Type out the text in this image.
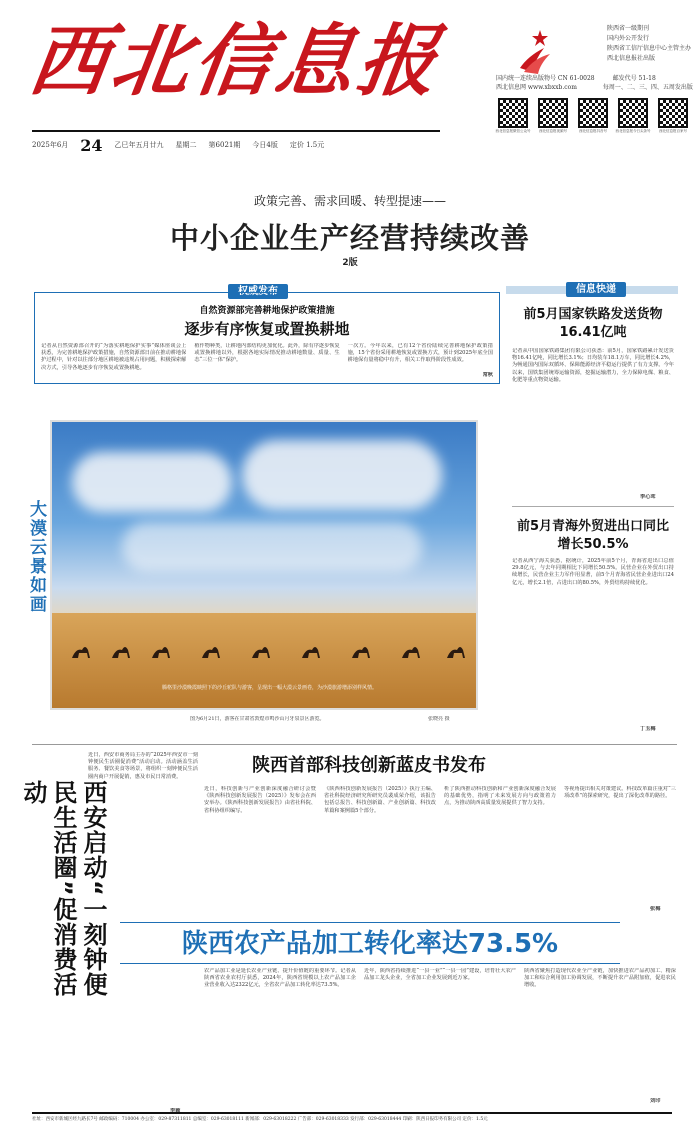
西北信息报
2025年6月 24 乙巳年五月廿九 星期二 第6021期 今日4版 定价 1.5元
陕西省一级期刊
国内外公开发行
陕西省工信厅信息中心主管主办
西北信息报社出版
国内统一连续出版物号 CN 61-0028	邮发代号 51-18
西北信息网 www.xbxxb.com	每周一、二、三、四、五周发出版
西北信息报微信公众号 西北信息报视频号	西北信息报抖音号 西北信息报今日头条号 西北信息报百家号
政策完善、需求回暖、转型提速——
中小企业生产经营持续改善
2版
权威发布
自然资源部完善耕地保护政策措施
逐步有序恢复或置换耕地
记者从自然资源部召开的“为落实耕地保护实事”媒体座谈会上获悉，为完善耕地保护政策措施，自然资源部日前在推动耕地保护过程中，针对以往部分地区耕地被违规占用问题，积极探索解决方式，引导各地逐步有序恢复或置换耕地。
植作物种类，让耕地内部结构更加优化。此外，除有序逐步恢复或置换耕地以外，根据各地实际情况推动耕地数量、质量、生态“三位一体”保护。
一次方。今年以来，已有12个省份陆续完善耕地保护政策措施，15个省份采用耕地恢复或置换方式，预计到2025年底全国耕地保有量将稳中有升，相关工作取得阶段性成效。
常秋
大漠云景如画
腾格里沙漠晚霞映照下的沙丘驼队与游客，呈现出一幅大漠云景画卷，为沙漠旅游增添别样风情。
图为6月21日，游客在甘肃省敦煌市鸣沙山月牙泉景区游览。	张晓亮 摄
信息快递
前5月国家铁路发送货物16.41亿吨
记者从中国国家铁路集团有限公司获悉：前5月，国家铁路累计发送货物16.41亿吨，同比增长3.1%；日均装车18.1万车，同比增长4.2%，为畅通国内国际双循环、保障能源经济平稳运行提供了有力支撑。今年以来，国铁集团统筹运输资源，挖掘运输潜力，全力保障电煤、粮食、化肥等重点物资运输。
李心茸
前5月青海外贸进出口同比增长50.5%
记者从西宁海关获悉，据统计，2025年前5个月，青海省进出口总值29.8亿元，与去年同期相比下同增长50.5%。民营企业在外贸出口持续增长，民营企业主力军作用显著，前5个月青海省民营企业进出口24亿元，增长2.1倍，占进出口的80.5%，外贸结构持续优化。
丁玉梅
西安启动“一刻钟便民生活圈”促消费活动
近日，西安市商务局主办的“2025年西安市一刻钟便民生活圈促消费”活动启动。活动涵盖生活服务、餐饮美食等场景，将组织一刻钟便民生活圈内商户开展促销，惠及市民日常消费。
李颖
陕西首部科技创新蓝皮书发布
近日，科技创新与产业创新深度融合研讨会暨《陕西科技创新发展报告（2025）》发布会在西安举办。《陕西科技创新发展报告》由省社科院、省科协组织编写。
《陕西科技创新发展报告（2025）》执行主编、省社科院经济研究所研究员裴成荣介绍，该报告包括总报告、科技创新篇、产业创新篇、科技改革篇和案例篇5个部分。
析了陕西推动科技创新和产业创新深度融合发展的基础优势，指明了未来发展方向与政策着力点，为推动陕西高质量发展提供了智力支持。
等视角提出相关对策建议。科技改革篇注重对“三项改革”的探索研究，提出了深化改革的路径。
张梅
陕西农产品加工转化率达73.5%
农产品加工业是延长农业产业链、提升价值链的重要环节。记者从陕西省农业农村厅获悉，2024年，陕西省规模以上农产品加工企业营业收入达2322亿元，全省农产品加工转化率达73.5%。
近年，陕西省持续推进“一县一业”“一县一园”建设，培育壮大农产品加工龙头企业，全省加工企业发展到近万家。
陕西省聚焦打造现代农业全产业链，加快推进农产品初加工、精深加工和综合利用加工协调发展，不断提升农产品附加值，促进农民增收。
刘印
社址：西安市新城区经九路长7号 邮政编码：710004 办公室：029-87311811 总编室：029-63018111 新闻部：029-63018222 广告部：029-63018333 发行部：029-63018444 印刷：陕西日报印务有限公司 定价：1.5元
